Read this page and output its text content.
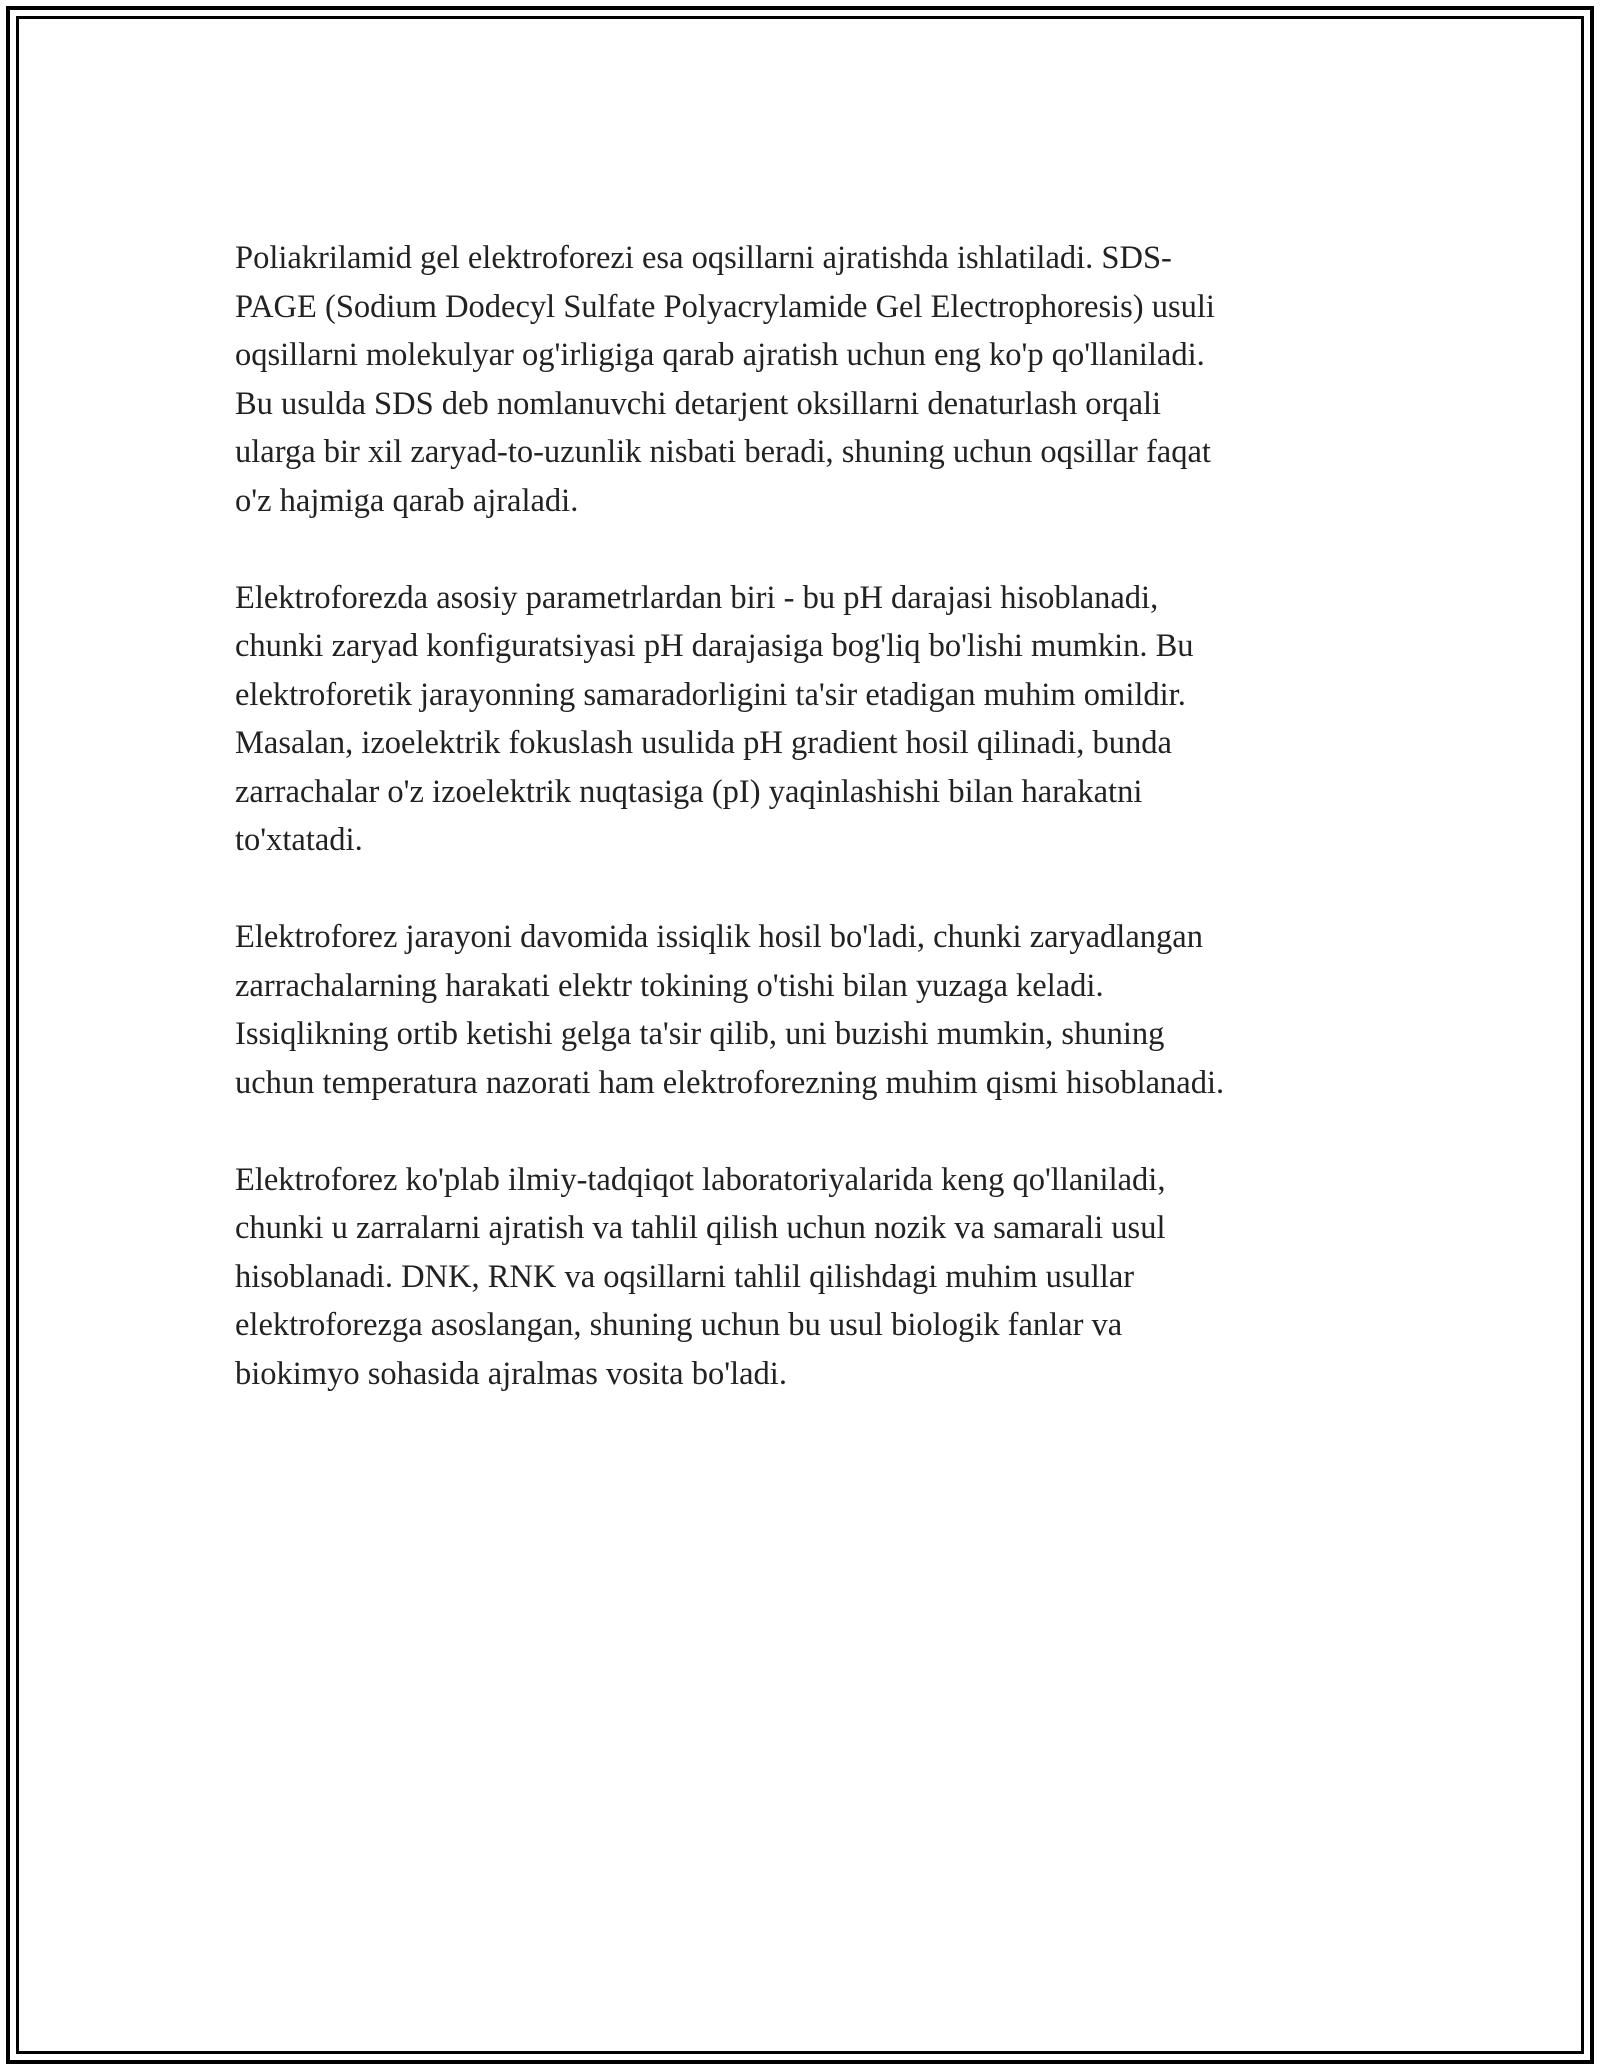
Poliakrilamid gel elektroforezi esa oqsillarni ajratishda ishlatiladi. SDS-
PAGE (Sodium Dodecyl Sulfate Polyacrylamide Gel Electrophoresis) usuli
oqsillarni molekulyar og'irligiga qarab ajratish uchun eng ko'p qo'llaniladi.
Bu usulda SDS deb nomlanuvchi detarjent oksillarni denaturlash orqali
ularga bir xil zaryad-to-uzunlik nisbati beradi, shuning uchun oqsillar faqat
o'z hajmiga qarab ajraladi.

Elektroforezda asosiy parametrlardan biri - bu pH darajasi hisoblanadi,
chunki zaryad konfiguratsiyasi pH darajasiga bog'liq bo'lishi mumkin. Bu
elektroforetik jarayonning samaradorligini ta'sir etadigan muhim omildir.
Masalan, izoelektrik fokuslash usulida pH gradient hosil qilinadi, bunda
zarrachalar o'z izoelektrik nuqtasiga (pI) yaqinlashishi bilan harakatni
to'xtatadi.

Elektroforez jarayoni davomida issiqlik hosil bo'ladi, chunki zaryadlangan
zarrachalarning harakati elektr tokining o'tishi bilan yuzaga keladi.
Issiqlikning ortib ketishi gelga ta'sir qilib, uni buzishi mumkin, shuning
uchun temperatura nazorati ham elektroforezning muhim qismi hisoblanadi.

Elektroforez ko'plab ilmiy-tadqiqot laboratoriyalarida keng qo'llaniladi,
chunki u zarralarni ajratish va tahlil qilish uchun nozik va samarali usul
hisoblanadi. DNK, RNK va oqsillarni tahlil qilishdagi muhim usullar
elektroforezga asoslangan, shuning uchun bu usul biologik fanlar va
biokimyo sohasida ajralmas vosita bo'ladi.
